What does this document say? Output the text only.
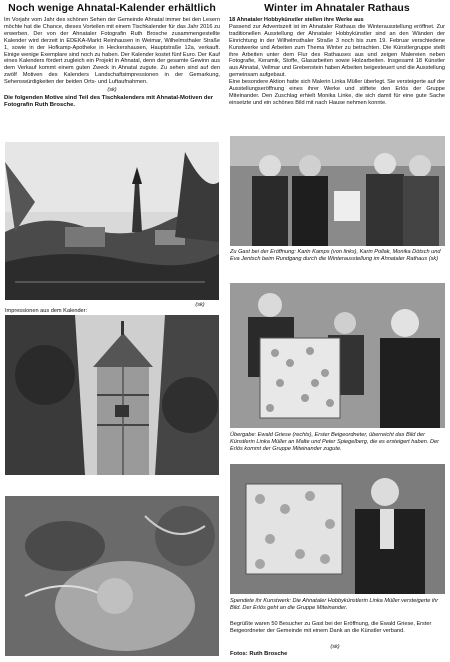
Noch wenige Ahnatal-Kalender erhältlich

Im Vorjahr vom Jahr des schönen Sehen der Gemeinde Ahnatal immer bei den Lesern möchte hat die Chance, dieses Vorteilen mit einem Tischkalender für das Jahr 2016 zu erwerben. Der von der Ahnataler Fotografin Ruth Brosche zusammengestellte Kalender wird derzeit in EDEKA-Markt Reinhausen in Weimar, Wilhelmsthaler Straße 1, sowie in der Hofkamp-Apotheke in Heckershausen, Hauptstraße 12a, verkauft. Einige wenige Exemplare sind noch zu haben. Der Kalender kostet fünf Euro. Der Kauf eines Kalenders fördert zugleich ein Projekt in Ahnatal, denn der gesamte Gewinn aus dem Verkauf kommt einem guten Zweck in Ahnatal zugute. Zu sehen sind auf den zwölf Motiven des Kalenders Landschaftsimpressionen in der Gemarkung, Sehenswürdigkeiten der beiden Orts- und Luftaufnahmen.

(sk)
Die folgenden Motive sind Teil des Tischkalenders mit Ahnatal-Motiven der Fotografin Ruth Brosche.
(sk)
Impressionen aus dem Kalender:
Winter im Ahnataler Rathaus

18 Ahnataler Hobbykünstler stellen ihre Werke aus
Passend zur Adventszeit ist im Ahnataler Rathaus die Winterausstellung eröffnet. Zur traditionellen Ausstellung der Ahnataler Hobbykünstler sind an den Wänden der Einrichtung in der Wilhelmsthaler Straße 3 noch bis zum 19. Februar verschiedene Kunstwerke und Arbeiten zum Thema Winter zu betrachten. Die Künstlergruppe stellt ihre Arbeiten unter dem Flur des Rathauses aus und zeigen Malereien neben Fotografie, Keramik, Stoffe, Glasarbeiten sowie Holzarbeiten. Insgesamt 18 Künstler aus Ahnatal, Vellmar und Grebenstein haben Arbeiten beigesteuert und die Ausstellung gemeinsam aufgebaut.
Eine besondere Aktion hatte sich Malerin Linka Müller überlegt. Sie versteigerte auf der Ausstellungseröffnung eines ihrer Werke und stiftete den Erlös der Gruppe Miteinander. Den Zuschlag erhielt Monika Linke, die sich damit für eine gute Sache einsetzte und ein schönes Bild mit nach Hause nehmen konnte.

Zu Gast bei der Eröffnung: Karin Kamps (von links), Karin Pollak, Monika Dötsch und Eva Jentsch beim Rundgang durch die Winterausstellung im Ahnataler Rathaus (sk)
Übergabe: Ewald Griese (rechts), Erster Beigeordneter, überreicht das Bild der Künstlerin Linka Müller an Malte und Peter Spiegelberg, die es ersteigert haben. Der Erlös kommt der Gruppe Miteinander zugute.
Spendete ihr Kunstwerk: Die Ahnataler Hobbykünstlerin Linka Müller versteigerte ihr Bild. Der Erlös geht an die Gruppe Miteinander.
Begrüßte waren 50 Besucher zu Gast bei der Eröffnung, die Ewald Griese, Erster Beigeordneter der Gemeinde mit einem Dank an die Künstler verband.
(sk)
Fotos: Ruth Brosche
